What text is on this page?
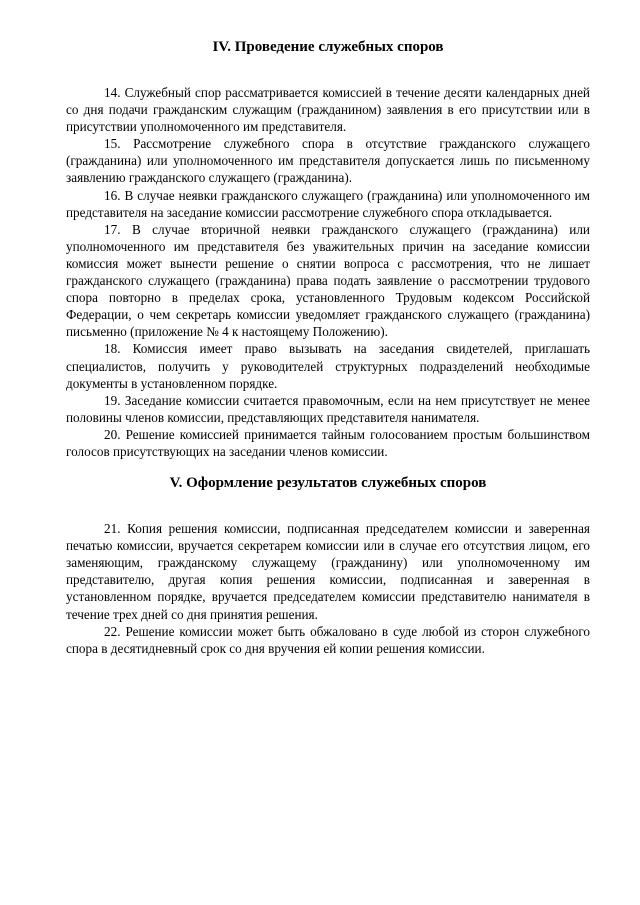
IV. Проведение служебных споров

14. Служебный спор рассматривается комиссией в течение десяти календарных дней со дня подачи гражданским служащим (гражданином) заявления в его присутствии или в присутствии уполномоченного им представителя.

15. Рассмотрение служебного спора в отсутствие гражданского служащего (гражданина) или уполномоченного им представителя допускается лишь по письменному заявлению гражданского служащего (гражданина).

16. В случае неявки гражданского служащего (гражданина) или уполномоченного им представителя на заседание комиссии рассмотрение служебного спора откладывается.

17. В случае вторичной неявки гражданского служащего (гражданина) или уполномоченного им представителя без уважительных причин на заседание комиссии комиссия может вынести решение о снятии вопроса с рассмотрения, что не лишает гражданского служащего (гражданина) права подать заявление о рассмотрении трудового спора повторно в пределах срока, установленного Трудовым кодексом Российской Федерации, о чем секретарь комиссии уведомляет гражданского служащего (гражданина) письменно (приложение № 4 к настоящему Положению).

18. Комиссия имеет право вызывать на заседания свидетелей, приглашать специалистов, получить у руководителей структурных подразделений необходимые документы в установленном порядке.

19. Заседание комиссии считается правомочным, если на нем присутствует не менее половины членов комиссии, представляющих представителя нанимателя.

20. Решение комиссией принимается тайным голосованием простым большинством голосов присутствующих на заседании членов комиссии.

V. Оформление результатов служебных споров

21. Копия решения комиссии, подписанная председателем комиссии и заверенная печатью комиссии, вручается секретарем комиссии или в случае его отсутствия лицом, его заменяющим, гражданскому служащему (гражданину) или уполномоченному им представителю, другая копия решения комиссии, подписанная и заверенная в установленном порядке, вручается председателем комиссии представителю нанимателя в течение трех дней со дня принятия решения.

22. Решение комиссии может быть обжаловано в суде любой из сторон служебного спора в десятидневный срок со дня вручения ей копии решения комиссии.
